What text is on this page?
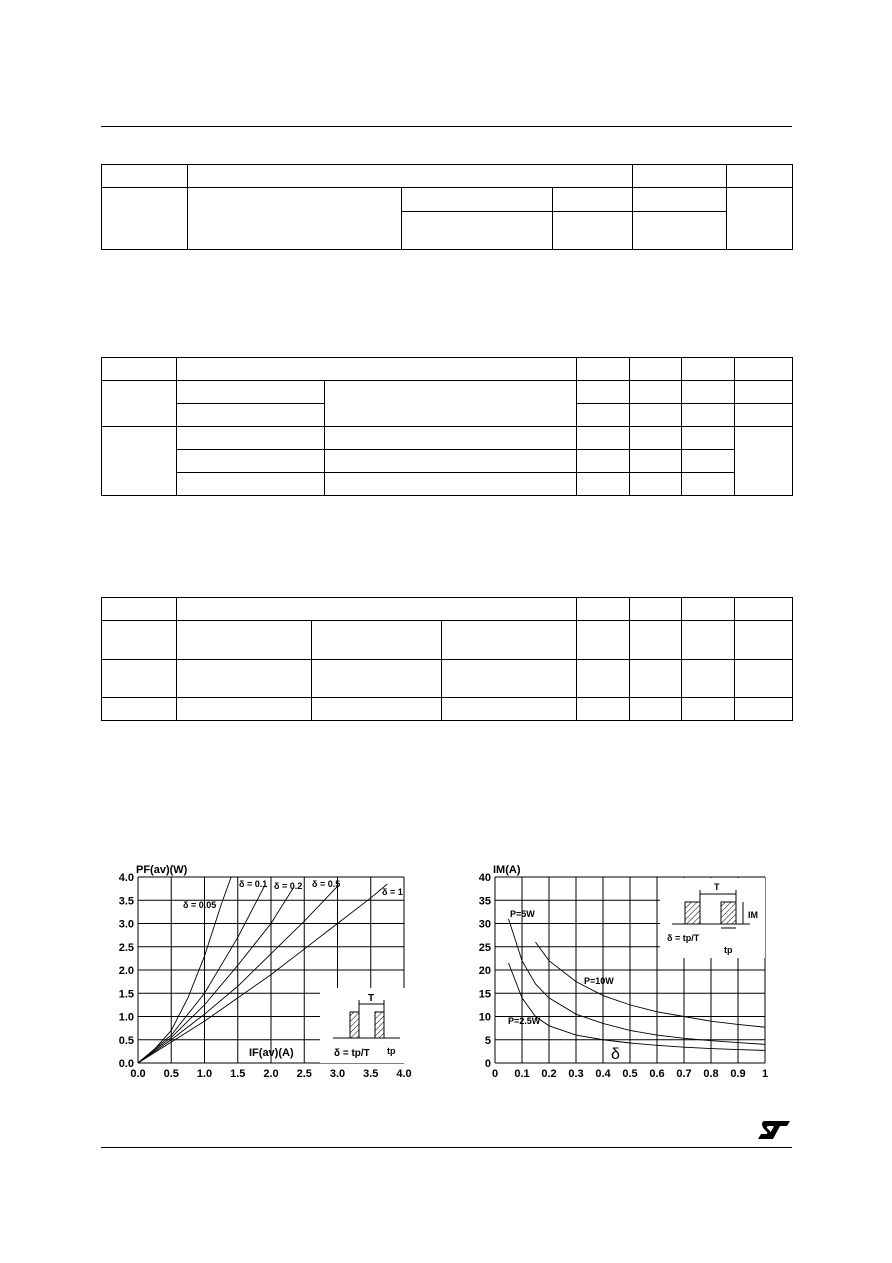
PF(av)(W)
IF(av)(A)
T
δ = tp/T tp
0.0 0.5 1.0 1.5 2.0 2.5 3.0 3.5 4.0
0.0
0.5
1.0
1.5
2.0
2.5
3.0
3.5
4.0
δ = 0.05
δ = 0.1 δ = 0.2 δ = 0.5
δ = 1
IM(A)
δ
T
IM
δ = tp/T
tp
0 0.1 0.2 0.3 0.4 0.5 0.6 0.7 0.8 0.9 1
0
5
10
15
20
25
30
35
40
P=5W
P=10W
P=2.5W
